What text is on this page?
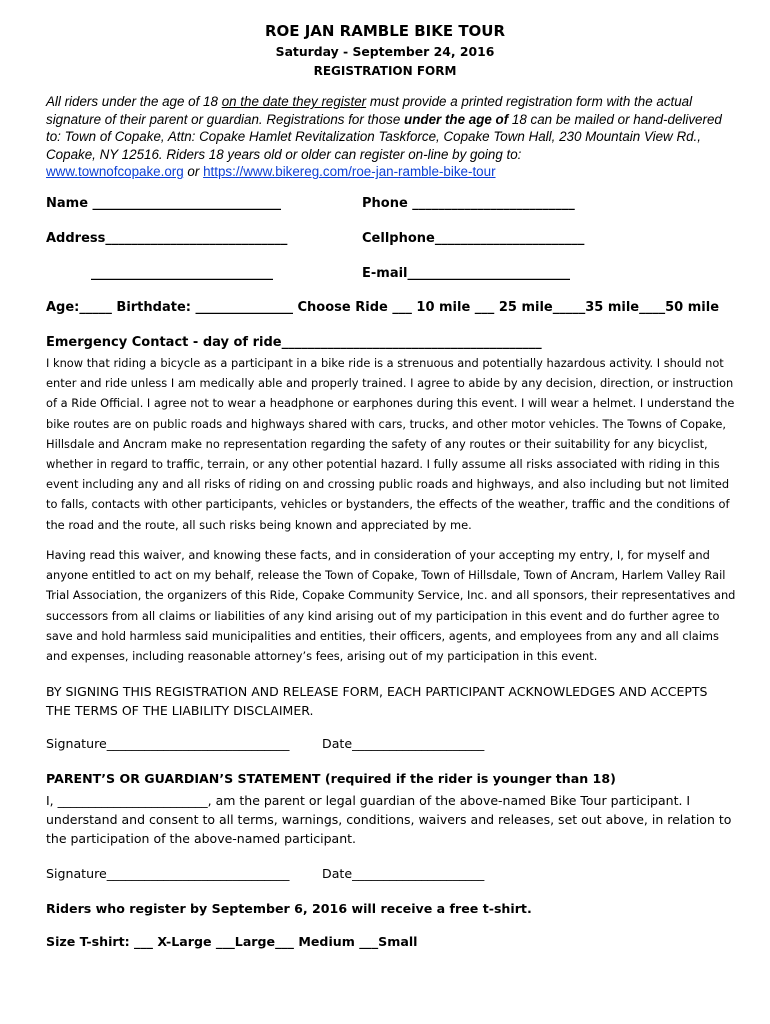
ROE JAN RAMBLE BIKE TOUR
Saturday - September 24, 2016
REGISTRATION FORM
All riders under the age of 18 on the date they register must provide a printed registration form with the actual signature of their parent or guardian. Registrations for those under the age of 18 can be mailed or hand-delivered to: Town of Copake, Attn: Copake Hamlet Revitalization Taskforce, Copake Town Hall, 230 Mountain View Rd., Copake, NY 12516. Riders 18 years old or older can register on-line by going to:
www.townofcopake.org or https://www.bikereg.com/roe-jan-ramble-bike-tour
Name _____________________________	Phone _________________________
Address____________________________	Cellphone_______________________
____________________________	E-mail_________________________
Age:_____ Birthdate: _______________ Choose Ride ___ 10 mile ___ 25 mile_____35 mile____50 mile
Emergency Contact - day of ride________________________________________
I know that riding a bicycle as a participant in a bike ride is a strenuous and potentially hazardous activity. I should not enter and ride unless I am medically able and properly trained. I agree to abide by any decision, direction, or instruction of a Ride Official. I agree not to wear a headphone or earphones during this event. I will wear a helmet. I understand the bike routes are on public roads and highways shared with cars, trucks, and other motor vehicles. The Towns of Copake, Hillsdale and Ancram make no representation regarding the safety of any routes or their suitability for any bicyclist, whether in regard to traffic, terrain, or any other potential hazard. I fully assume all risks associated with riding in this event including any and all risks of riding on and crossing public roads and highways, and also including but not limited to falls, contacts with other participants, vehicles or bystanders, the effects of the weather, traffic and the conditions of the road and the route, all such risks being known and appreciated by me.
Having read this waiver, and knowing these facts, and in consideration of your accepting my entry, I, for myself and anyone entitled to act on my behalf, release the Town of Copake, Town of Hillsdale, Town of Ancram, Harlem Valley Rail Trial Association, the organizers of this Ride, Copake Community Service, Inc. and all sponsors, their representatives and successors from all claims or liabilities of any kind arising out of my participation in this event and do further agree to save and hold harmless said municipalities and entities, their officers, agents, and employees from any and all claims and expenses, including reasonable attorney’s fees, arising out of my participation in this event.
BY SIGNING THIS REGISTRATION AND RELEASE FORM, EACH PARTICIPANT ACKNOWLEDGES AND ACCEPTS THE TERMS OF THE LIABILITY DISCLAIMER.
Signature_____________________________	Date_____________________
PARENT’S OR GUARDIAN’S STATEMENT (required if the rider is younger than 18)
I, ________________________, am the parent or legal guardian of the above-named Bike Tour participant. I understand and consent to all terms, warnings, conditions, waivers and releases, set out above, in relation to the participation of the above-named participant.
Signature_____________________________	Date_____________________
Riders who register by September 6, 2016 will receive a free t-shirt.
Size T-shirt: ___ X-Large ___Large___ Medium ___Small
